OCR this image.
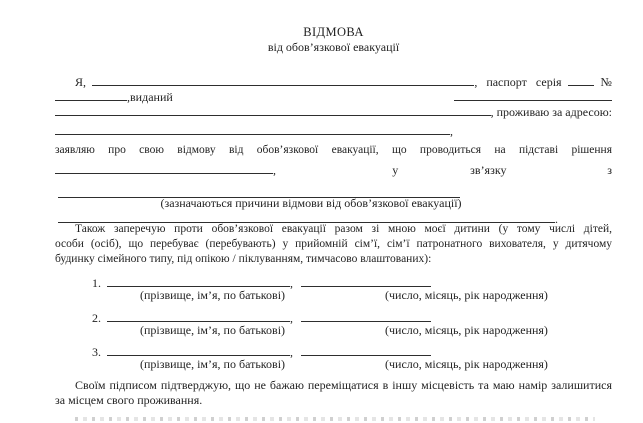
ВІДМОВА
від обов’язкової евакуації
Я,	, паспорт серія	№
,виданий
, проживаю за адресою:
,
заявляю про свою відмову від обов’язкової евакуації, що проводиться на підставі рішення
,	у	зв’язку	з
(зазначаються причини відмови від обов’язкової евакуації)
.
Також заперечую проти обов’язкової евакуації разом зі мною моєї дитини (у тому числі дітей,
особи (осіб), що перебуває (перебувають) у прийомній сім’ї, сім’ї патронатного вихователя, у дитячому
будинку сімейного типу, під опікою / піклуванням, тимчасово влаштованих):
1.	,
(прізвище, ім’я, по батькові)	(число, місяць, рік народження)
2.	,
(прізвище, ім’я, по батькові)	(число, місяць, рік народження)
3.	,
(прізвище, ім’я, по батькові)	(число, місяць, рік народження)
Своїм підписом підтверджую, що не бажаю переміщатися в іншу місцевість та маю намір залишитися за місцем свого проживання.
